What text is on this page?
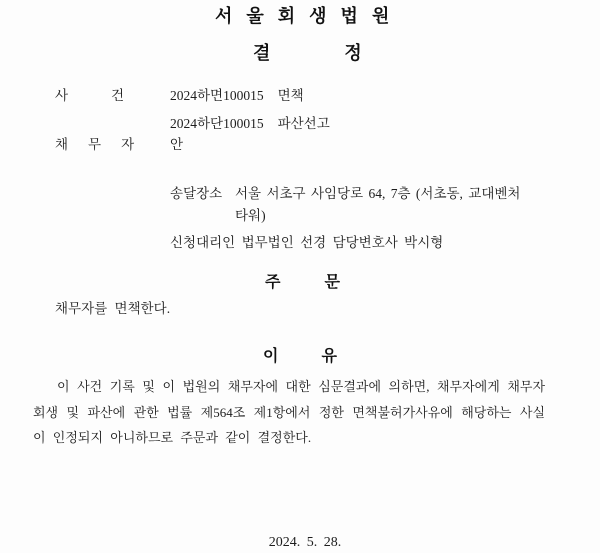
서울회생법원
결정
사건 2024하면100015 면책
2024하단100015 파산선고
채무자 안
송달장소 서울 서초구 사임당로 64, 7층 (서초동, 교대벤처
타워)
신청대리인 법무법인 선경 담당변호사 박시형
주문
채무자를 면책한다.
이유
이 사건 기록 및 이 법원의 채무자에 대한 심문결과에 의하면, 채무자에게 채무자
회생 및 파산에 관한 법률 제564조 제1항에서 정한 면책불허가사유에 해당하는 사실
이 인정되지 아니하므로 주문과 같이 결정한다.
2024. 5. 28.
